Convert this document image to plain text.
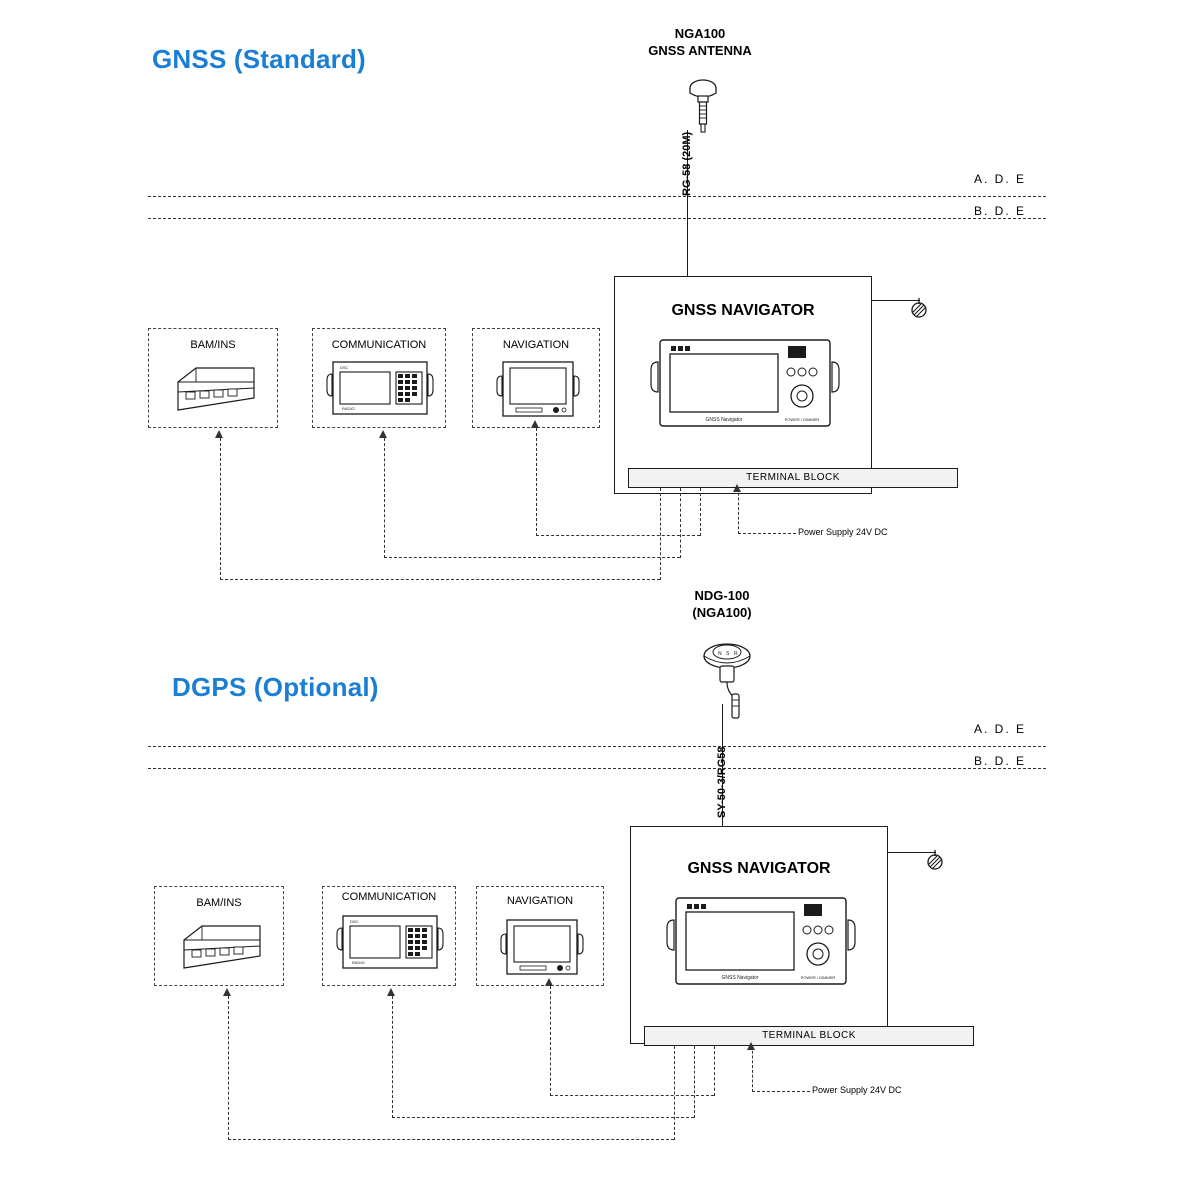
GNSS (Standard)
NGA100
GNSS ANTENNA
RG-58 (20M)	A. D. E
B. D. E
GNSS NAVIGATOR
GNSS Navigator	POWER / DIMMER
TERMINAL BLOCK
Power Supply 24V DC
BAM/INS	COMMUNICATION
RADIO
DSC
NAVIGATION
DGPS (Optional)
NDG-100
(NGA100)
N S R
SY-50-3/RG58
A. D. E
B. D. E
GNSS NAVIGATOR
GNSS Navigator	POWER / DIMMER
TERMINAL BLOCK
Power Supply 24V DC
BAM/INS	COMMUNICATION
RADIO
DSC
NAVIGATION
